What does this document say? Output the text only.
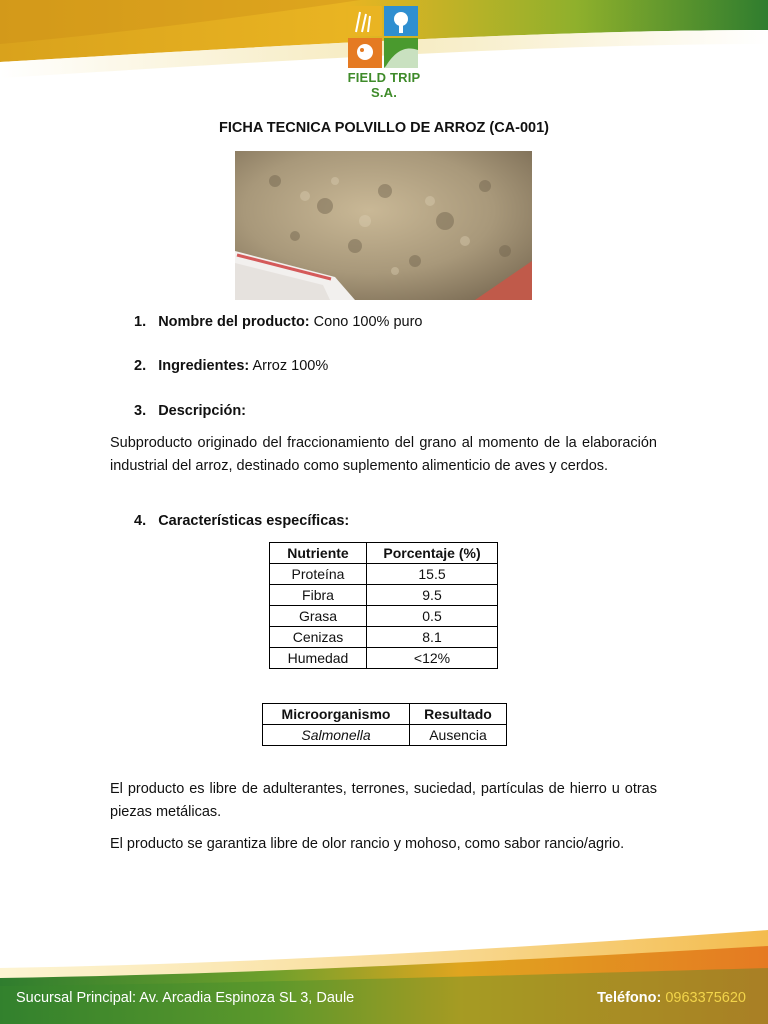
FIELD TRIP S.A.
FICHA TECNICA POLVILLO DE ARROZ (CA-001)
1. Nombre del producto: Cono 100% puro
2. Ingredientes: Arroz 100%
3. Descripción:
Subproducto originado del fraccionamiento del grano al momento de la elaboración industrial del arroz, destinado como suplemento alimenticio de aves y cerdos.
4. Características específicas:
Nutriente	Porcentaje (%)
Proteína	15.5
Fibra	9.5
Grasa	0.5
Cenizas	8.1
Humedad	<12%
Microorganismo	Resultado
Salmonella	Ausencia
El producto es libre de adulterantes, terrones, suciedad, partículas de hierro u otras piezas metálicas.
El producto se garantiza libre de olor rancio y mohoso, como sabor rancio/agrio.
Sucursal Principal: Av. Arcadia Espinoza SL 3, Daule	Teléfono: 0963375620
